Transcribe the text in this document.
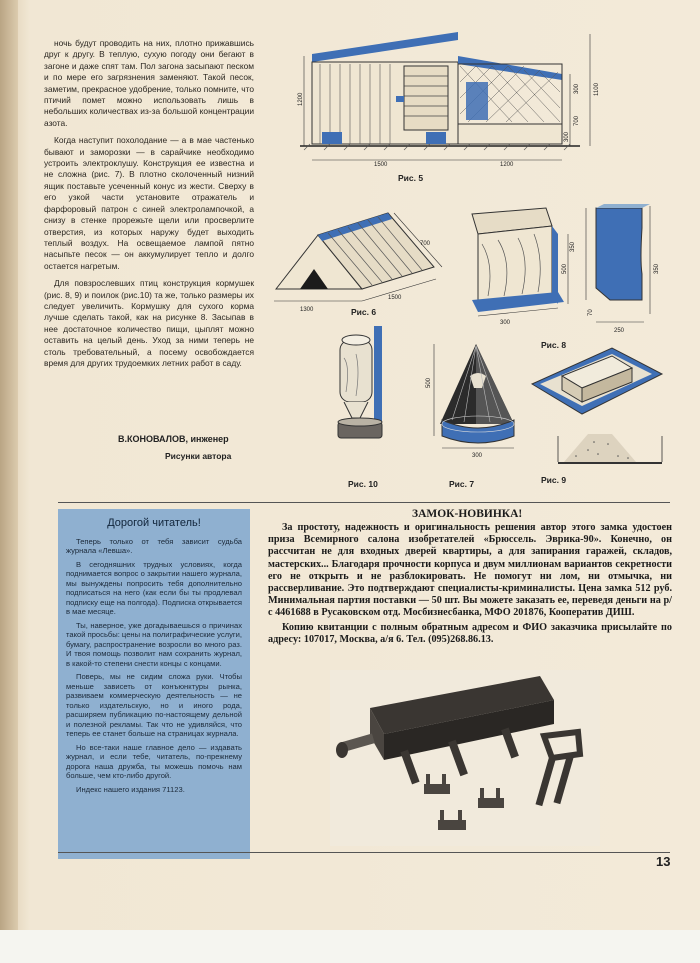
ночь будут проводить на них, плотно прижавшись друг к другу. В теплую, сухую погоду они бегают в загоне и даже спят там. Пол загона засыпают песком и по мере его загрязнения заменяют. Такой песок, заметим, прекрасное удобрение, только помните, что птичий помет можно использовать лишь в небольших количествах из-за большой концентрации азота.

Когда наступит похолодание — а в мае частенько бывают и заморозки — в сарайчике необходимо устроить электроклушу. Конструкция ее известна и не сложна (рис. 7). В плотно сколоченный низний ящик поставьте усеченный конус из жести. Сверху в его узкой части установите отражатель и фарфоровый патрон с синей электролампочкой, а снизу в стенке прорежьте щели или просверлите отверстия, из которых наружу будет выходить теплый воздух. На освещаемое лампой пятно насыпьте песок — он аккумулирует тепло и долго остается нагретым.

Для повзрослевших птиц конструкция кормушек (рис. 8, 9) и поилок (рис.10) та же, только размеры их следует увеличить. Кормушку для сухого корма лучше сделать такой, как на рисунке 8. Засыпав в нее достаточное количество пищи, цыплят можно оставить на целый день. Уход за ними теперь не столь требовательный, а посему освобождается время для других трудоемких летних работ в саду.

В.КОНОВАЛОВ, инженер
Рисунки автора
1200
1500	1200
300
700
1100
300
Рис. 5
1300
1500
700
Рис. 6
300
500
350
250
70
350
Рис. 8
Рис. 10
300
500
Рис. 7	Рис. 9
Дорогой читатель!

Теперь только от тебя зависит судьба журнала «Левша».

В сегодняшних трудных условиях, когда поднимается вопрос о закрытии нашего журнала, мы вынуждены попросить тебя дополнительно подписаться на него (как если бы ты продлевал подписку еще на полгода). Подписка открывается в мае месяце.

Ты, наверное, уже догадываешься о причинах такой просьбы: цены на полиграфические услуги, бумагу, распространение возросли во много раз. И твоя помощь позволит нам сохранить журнал, в какой-то степени снести концы с концами.

Поверь, мы не сидим сложа руки. Чтобы меньше зависеть от конъюнктуры рынка, развиваем коммерческую деятельность — не только издательскую, но и иного рода, расширяем публикацию по-настоящему дельной и полезной рекламы. Так что не удивляйся, что теперь ее станет больше на страницах журнала.

Но все-таки наше главное дело — издавать журнал, и если тебе, читатель, по-прежнему дорога наша дружба, ты можешь помочь нам больше, чем кто-либо другой.

Индекс нашего издания 71123.

ЗАМОК-НОВИНКА!

За простоту, надежность и оригинальность решения автор этого замка удостоен приза Всемирного салона изобретателей «Брюссель. Эврика-90». Конечно, он рассчитан не для входных дверей квартиры, а для запирания гаражей, складов, мастерских... Благодаря прочности корпуса и двум миллионам вариантов секретности его не открыть и не разблокировать. Не помогут ни лом, ни отмычка, ни рассверливание. Это подтверждают специалисты-криминалисты. Цена замка 512 руб. Минимальная партия поставки — 50 шт. Вы можете заказать ее, переведя деньги на р/с 4461688 в Русаковском отд. Мосбизнесбанка, МФО 201876, Кооператив ДИШ.

Копию квитанции с полным обратным адресом и ФИО заказчика присылайте по адресу: 107017, Москва, а/я 6. Тел. (095)268.86.13.

13
